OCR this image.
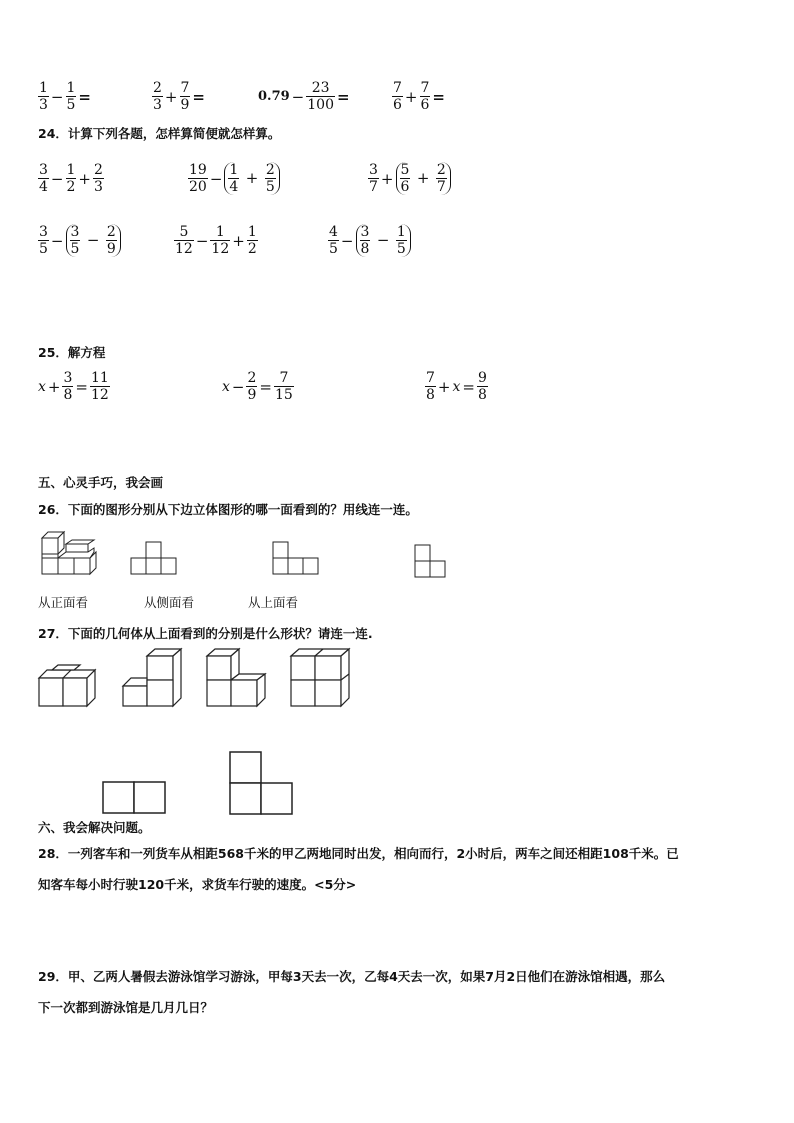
$\frac{1}{3} - \frac{1}{5}$ =	$\frac{2}{3} + \frac{7}{9}$ =	$0.79 - \frac{23}{100}$ =	$\frac{7}{6} + \frac{7}{6}$ =
24．计算下列各题，怎样算简便就怎样算。
$\frac{3}{4} - \frac{1}{2} + \frac{2}{3}$	$\frac{19}{20} - \frac{1}{4} + \frac{2}{5}$	$\frac{3}{7} + \frac{5}{6} + \frac{2}{7}$
$\frac{3}{5} - \frac{3}{5} - \frac{2}{9}$	$\frac{5}{12} - \frac{1}{12} + \frac{1}{2}$	$\frac{4}{5} - \frac{3}{8} - \frac{1}{5}$
25．解方程
$x + \frac{3}{8} = \frac{11}{12}$	$x - \frac{2}{9} = \frac{7}{15}$	$\frac{7}{8} + x = \frac{9}{8}$
五、心灵手巧，我会画
26．下面的图形分别从下边立体图形的哪一面看到的？用线连一连。
从正面看	从侧面看	从上面看
27．下面的几何体从上面看到的分别是什么形状？请连一连.
六、我会解决问题。
28．一列客车和一列货车从相距568千米的甲乙两地同时出发，相向而行，2小时后，两车之间还相距108千米。已
知客车每小时行驶120千米，求货车行驶的速度。<5分>
29．甲、乙两人暑假去游泳馆学习游泳，甲每3天去一次，乙每4天去一次，如果7月2日他们在游泳馆相遇，那么
下一次都到游泳馆是几月几日？
